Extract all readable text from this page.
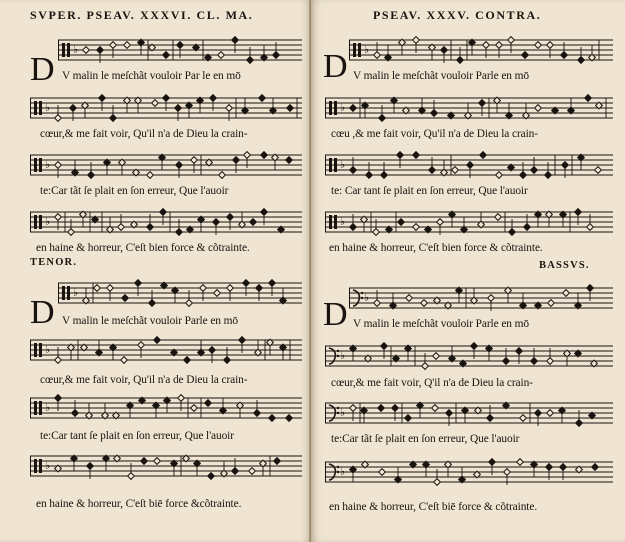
SVPER. PSEAV. XXXVI. CL. MA.
D
D
♭
♭
♭
♭
V malin le meſchãt vouloir Par le en mō
cœur,& me fait voir, Qu'il n'a de Dieu la crain-
te:Car tãt ſe plait en ſon erreur, Que l'auoir
en haine & horreur, C'eſt bien force & cõtrainte.
TENOR.
♭
♭
♭
♭
V malin le meſchãt vouloir Parle en mō
cœur,& me fait voir, Qu'il n'a de Dieu la crain-
te:Car tant ſe plait en ſon erreur, Que l'auoir
en haine & horreur, C'eſt biē force &cõtrainte.
PSEAV. XXXV. CONTRA.
D
D
♭
♭
♭
♭
V malin le meſchãt vouloir Parle en mō
cœu ,& me fait voir, Qu'il n'a de Dieu la crain-
te: Car tant ſe plait en ſon erreur, Que l'auoir
en haine & horreur, C'eſt bien force & cõtrainte.
BASSVS.
♭
♭
♭
♭
V malin le meſchãt vouloir Parle en mō
cœur,& me fait voir, Q'il n'a de Dieu la crain-
te:Car tãt ſe plait en ſon erreur, Que l'auoir
en haine & horreur, C'eſt biē force & cõtrainte.
